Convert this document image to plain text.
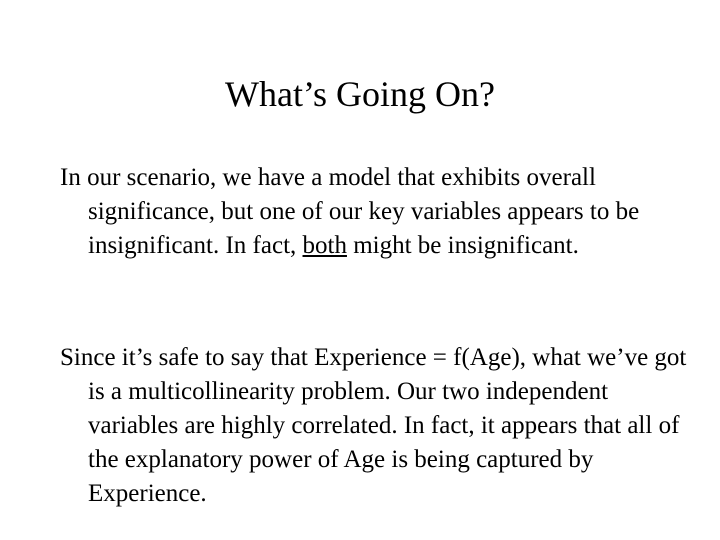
What’s Going On?

In our scenario, we have a model that exhibits overall significance, but one of our key variables appears to be insignificant. In fact, both might be insignificant.

Since it’s safe to say that Experience = f(Age), what we’ve got is a multicollinearity problem. Our two independent variables are highly correlated. In fact, it appears that all of the explanatory power of Age is being captured by Experience.
